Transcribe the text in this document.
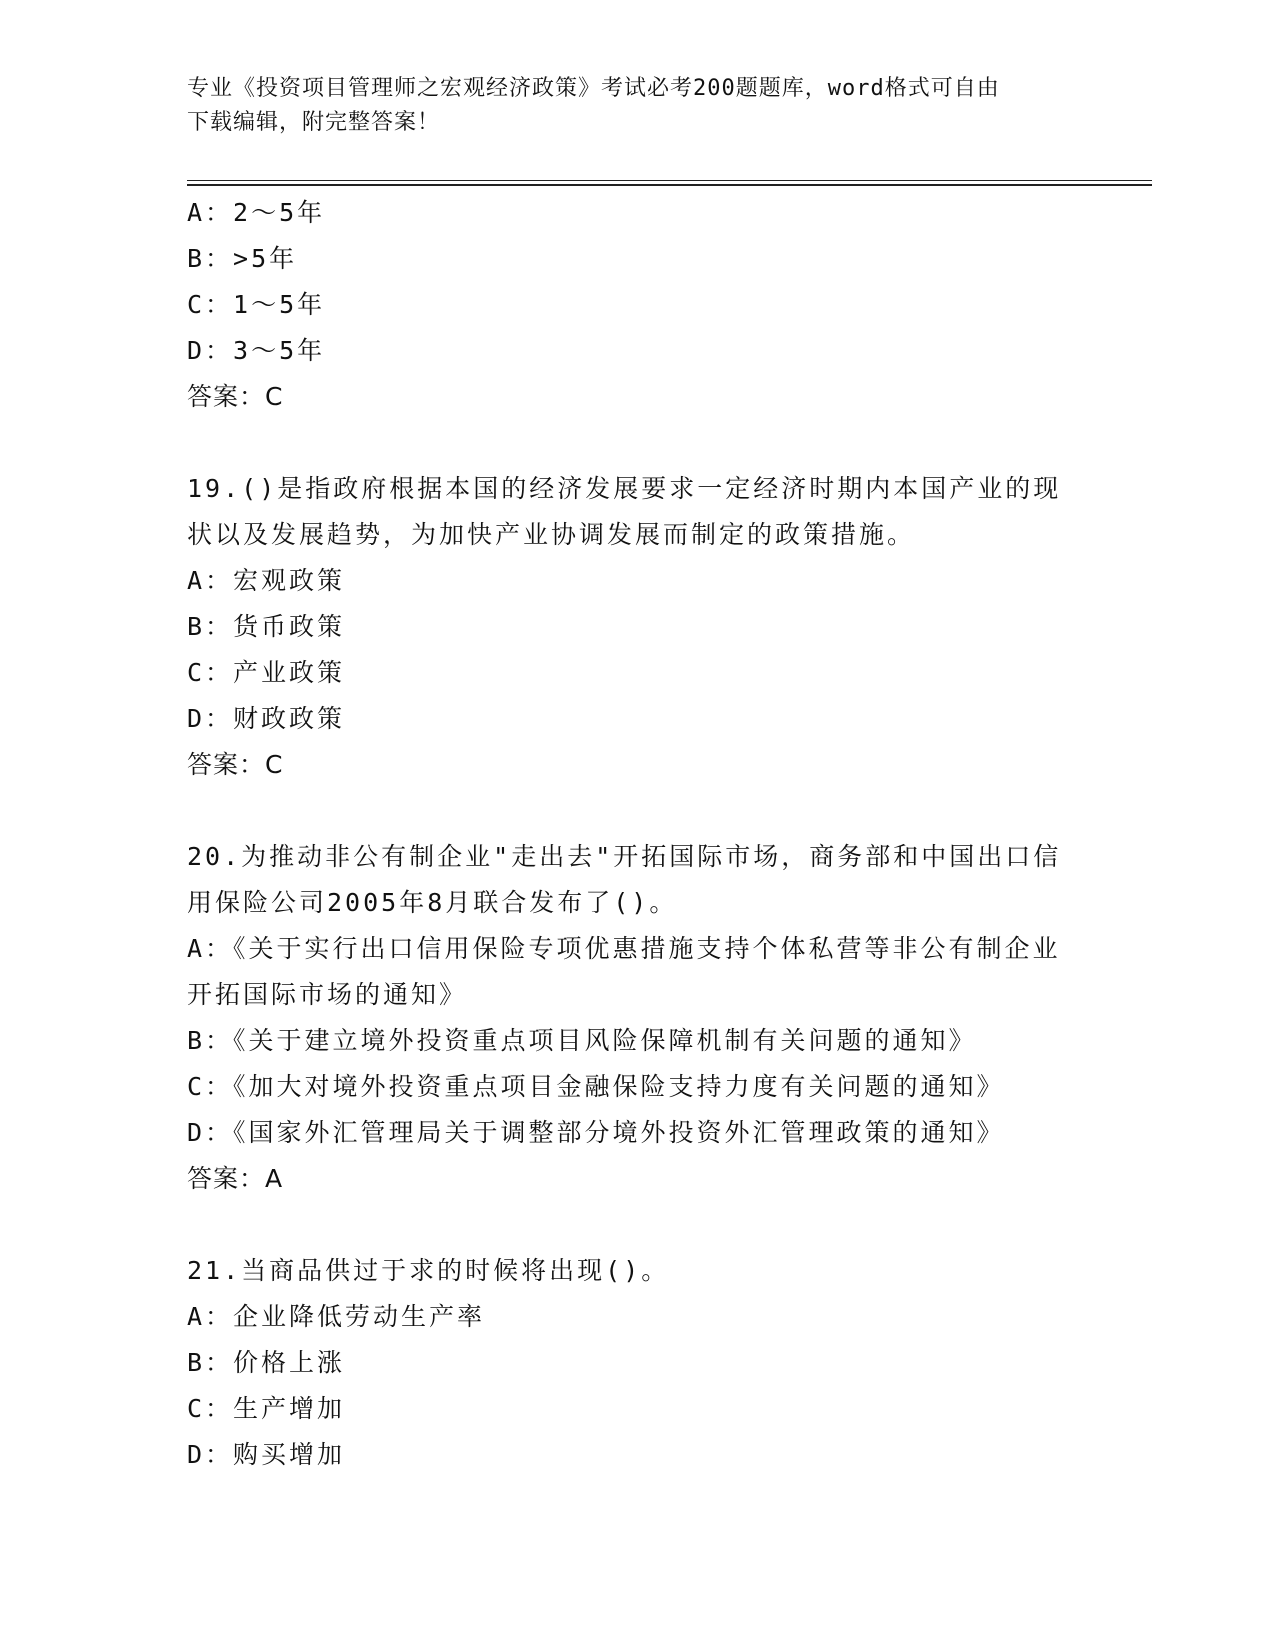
专业《投资项目管理师之宏观经济政策》考试必考200题题库，word格式可自由
下载编辑，附完整答案！

A：2～5年

B：>5年

C：1～5年

D：3～5年

答案：C

19.()是指政府根据本国的经济发展要求一定经济时期内本国产业的现状以及发展趋势，为加快产业协调发展而制定的政策措施。

A：宏观政策

B：货币政策

C：产业政策

D：财政政策

答案：C

20.为推动非公有制企业"走出去"开拓国际市场，商务部和中国出口信用保险公司2005年8月联合发布了()。

A：《关于实行出口信用保险专项优惠措施支持个体私营等非公有制企业开拓国际市场的通知》

B：《关于建立境外投资重点项目风险保障机制有关问题的通知》

C：《加大对境外投资重点项目金融保险支持力度有关问题的通知》

D：《国家外汇管理局关于调整部分境外投资外汇管理政策的通知》

答案：A

21.当商品供过于求的时候将出现()。

A：企业降低劳动生产率

B：价格上涨

C：生产增加

D：购买增加
